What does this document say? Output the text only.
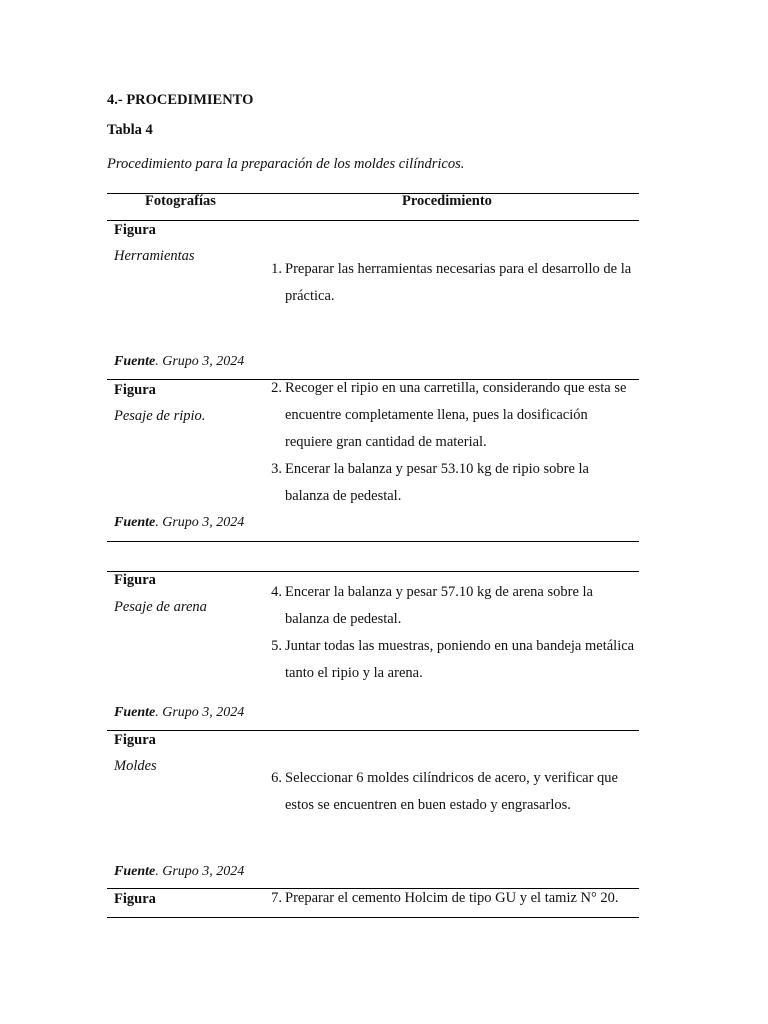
4.- PROCEDIMIENTO
Tabla 4
Procedimiento para la preparación de los moldes cilíndricos.
Fotografías	Procedimiento
Figura
Herramientas
1. Preparar las herramientas necesarias para el desarrollo de la práctica.
Fuente. Grupo 3, 2024
Figura
Pesaje de ripio.
2. Recoger el ripio en una carretilla, considerando que esta se encuentre completamente llena, pues la dosificación requiere gran cantidad de material.
3. Encerar la balanza y pesar 53.10 kg de ripio sobre la balanza de pedestal.
Fuente. Grupo 3, 2024
Figura
Pesaje de arena
4. Encerar la balanza y pesar 57.10 kg de arena sobre la balanza de pedestal.
5. Juntar todas las muestras, poniendo en una bandeja metálica tanto el ripio y la arena.
Fuente. Grupo 3, 2024
Figura
Moldes
6. Seleccionar 6 moldes cilíndricos de acero, y verificar que estos se encuentren en buen estado y engrasarlos.
Fuente. Grupo 3, 2024
Figura	7. Preparar el cemento Holcim de tipo GU y el tamiz N° 20.
